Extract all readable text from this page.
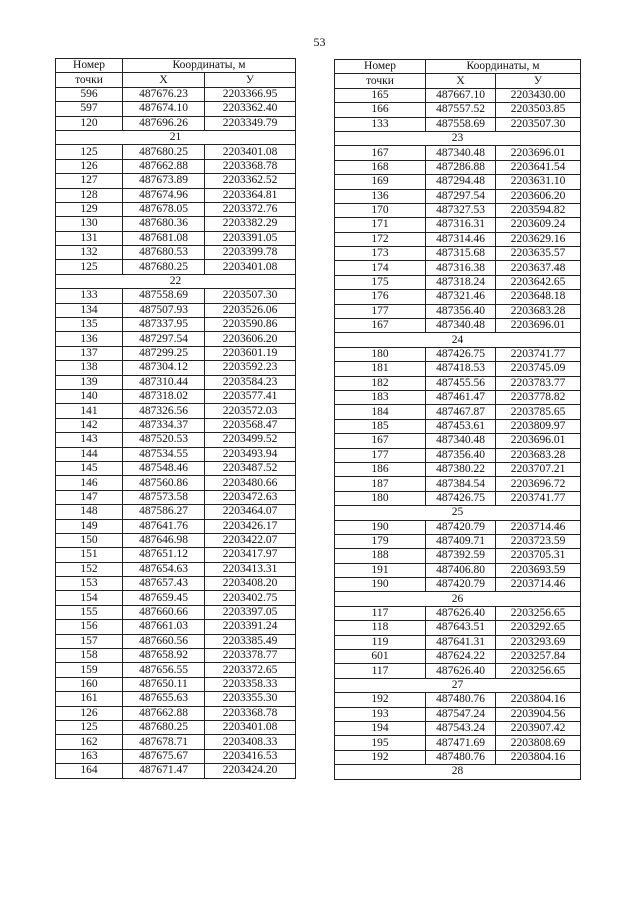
53
Номер	Координаты, м	
точки	X	У
596	487676.23	2203366.95
597	487674.10	2203362.40
120	487696.26	2203349.79
21		
125	487680.25	2203401.08
126	487662.88	2203368.78
127	487673.89	2203362.52
128	487674.96	2203364.81
129	487678.05	2203372.76
130	487680.36	2203382.29
131	487681.08	2203391.05
132	487680.53	2203399.78
125	487680.25	2203401.08
22		
133	487558.69	2203507.30
134	487507.93	2203526.06
135	487337.95	2203590.86
136	487297.54	2203606.20
137	487299.25	2203601.19
138	487304.12	2203592.23
139	487310.44	2203584.23
140	487318.02	2203577.41
141	487326.56	2203572.03
142	487334.37	2203568.47
143	487520.53	2203499.52
144	487534.55	2203493.94
145	487548.46	2203487.52
146	487560.86	2203480.66
147	487573.58	2203472.63
148	487586.27	2203464.07
149	487641.76	2203426.17
150	487646.98	2203422.07
151	487651.12	2203417.97
152	487654.63	2203413.31
153	487657.43	2203408.20
154	487659.45	2203402.75
155	487660.66	2203397.05
156	487661.03	2203391.24
157	487660.56	2203385.49
158	487658.92	2203378.77
159	487656.55	2203372.65
160	487650.11	2203358.33
161	487655.63	2203355.30
126	487662.88	2203368.78
125	487680.25	2203401.08
162	487678.71	2203408.33
163	487675.67	2203416.53
164	487671.47	2203424.20
Номер	Координаты, м	
точки	X	У
165	487667.10	2203430.00
166	487557.52	2203503.85
133	487558.69	2203507.30
23		
167	487340.48	2203696.01
168	487286.88	2203641.54
169	487294.48	2203631.10
136	487297.54	2203606.20
170	487327.53	2203594.82
171	487316.31	2203609.24
172	487314.46	2203629.16
173	487315.68	2203635.57
174	487316.38	2203637.48
175	487318.24	2203642.65
176	487321.46	2203648.18
177	487356.40	2203683.28
167	487340.48	2203696.01
24		
180	487426.75	2203741.77
181	487418.53	2203745.09
182	487455.56	2203783.77
183	487461.47	2203778.82
184	487467.87	2203785.65
185	487453.61	2203809.97
167	487340.48	2203696.01
177	487356.40	2203683.28
186	487380.22	2203707.21
187	487384.54	2203696.72
180	487426.75	2203741.77
25		
190	487420.79	2203714.46
179	487409.71	2203723.59
188	487392.59	2203705.31
191	487406.80	2203693.59
190	487420.79	2203714.46
26		
117	487626.40	2203256.65
118	487643.51	2203292.65
119	487641.31	2203293.69
601	487624.22	2203257.84
117	487626.40	2203256.65
27		
192	487480.76	2203804.16
193	487547.24	2203904.56
194	487543.24	2203907.42
195	487471.69	2203808.69
192	487480.76	2203804.16
28		
